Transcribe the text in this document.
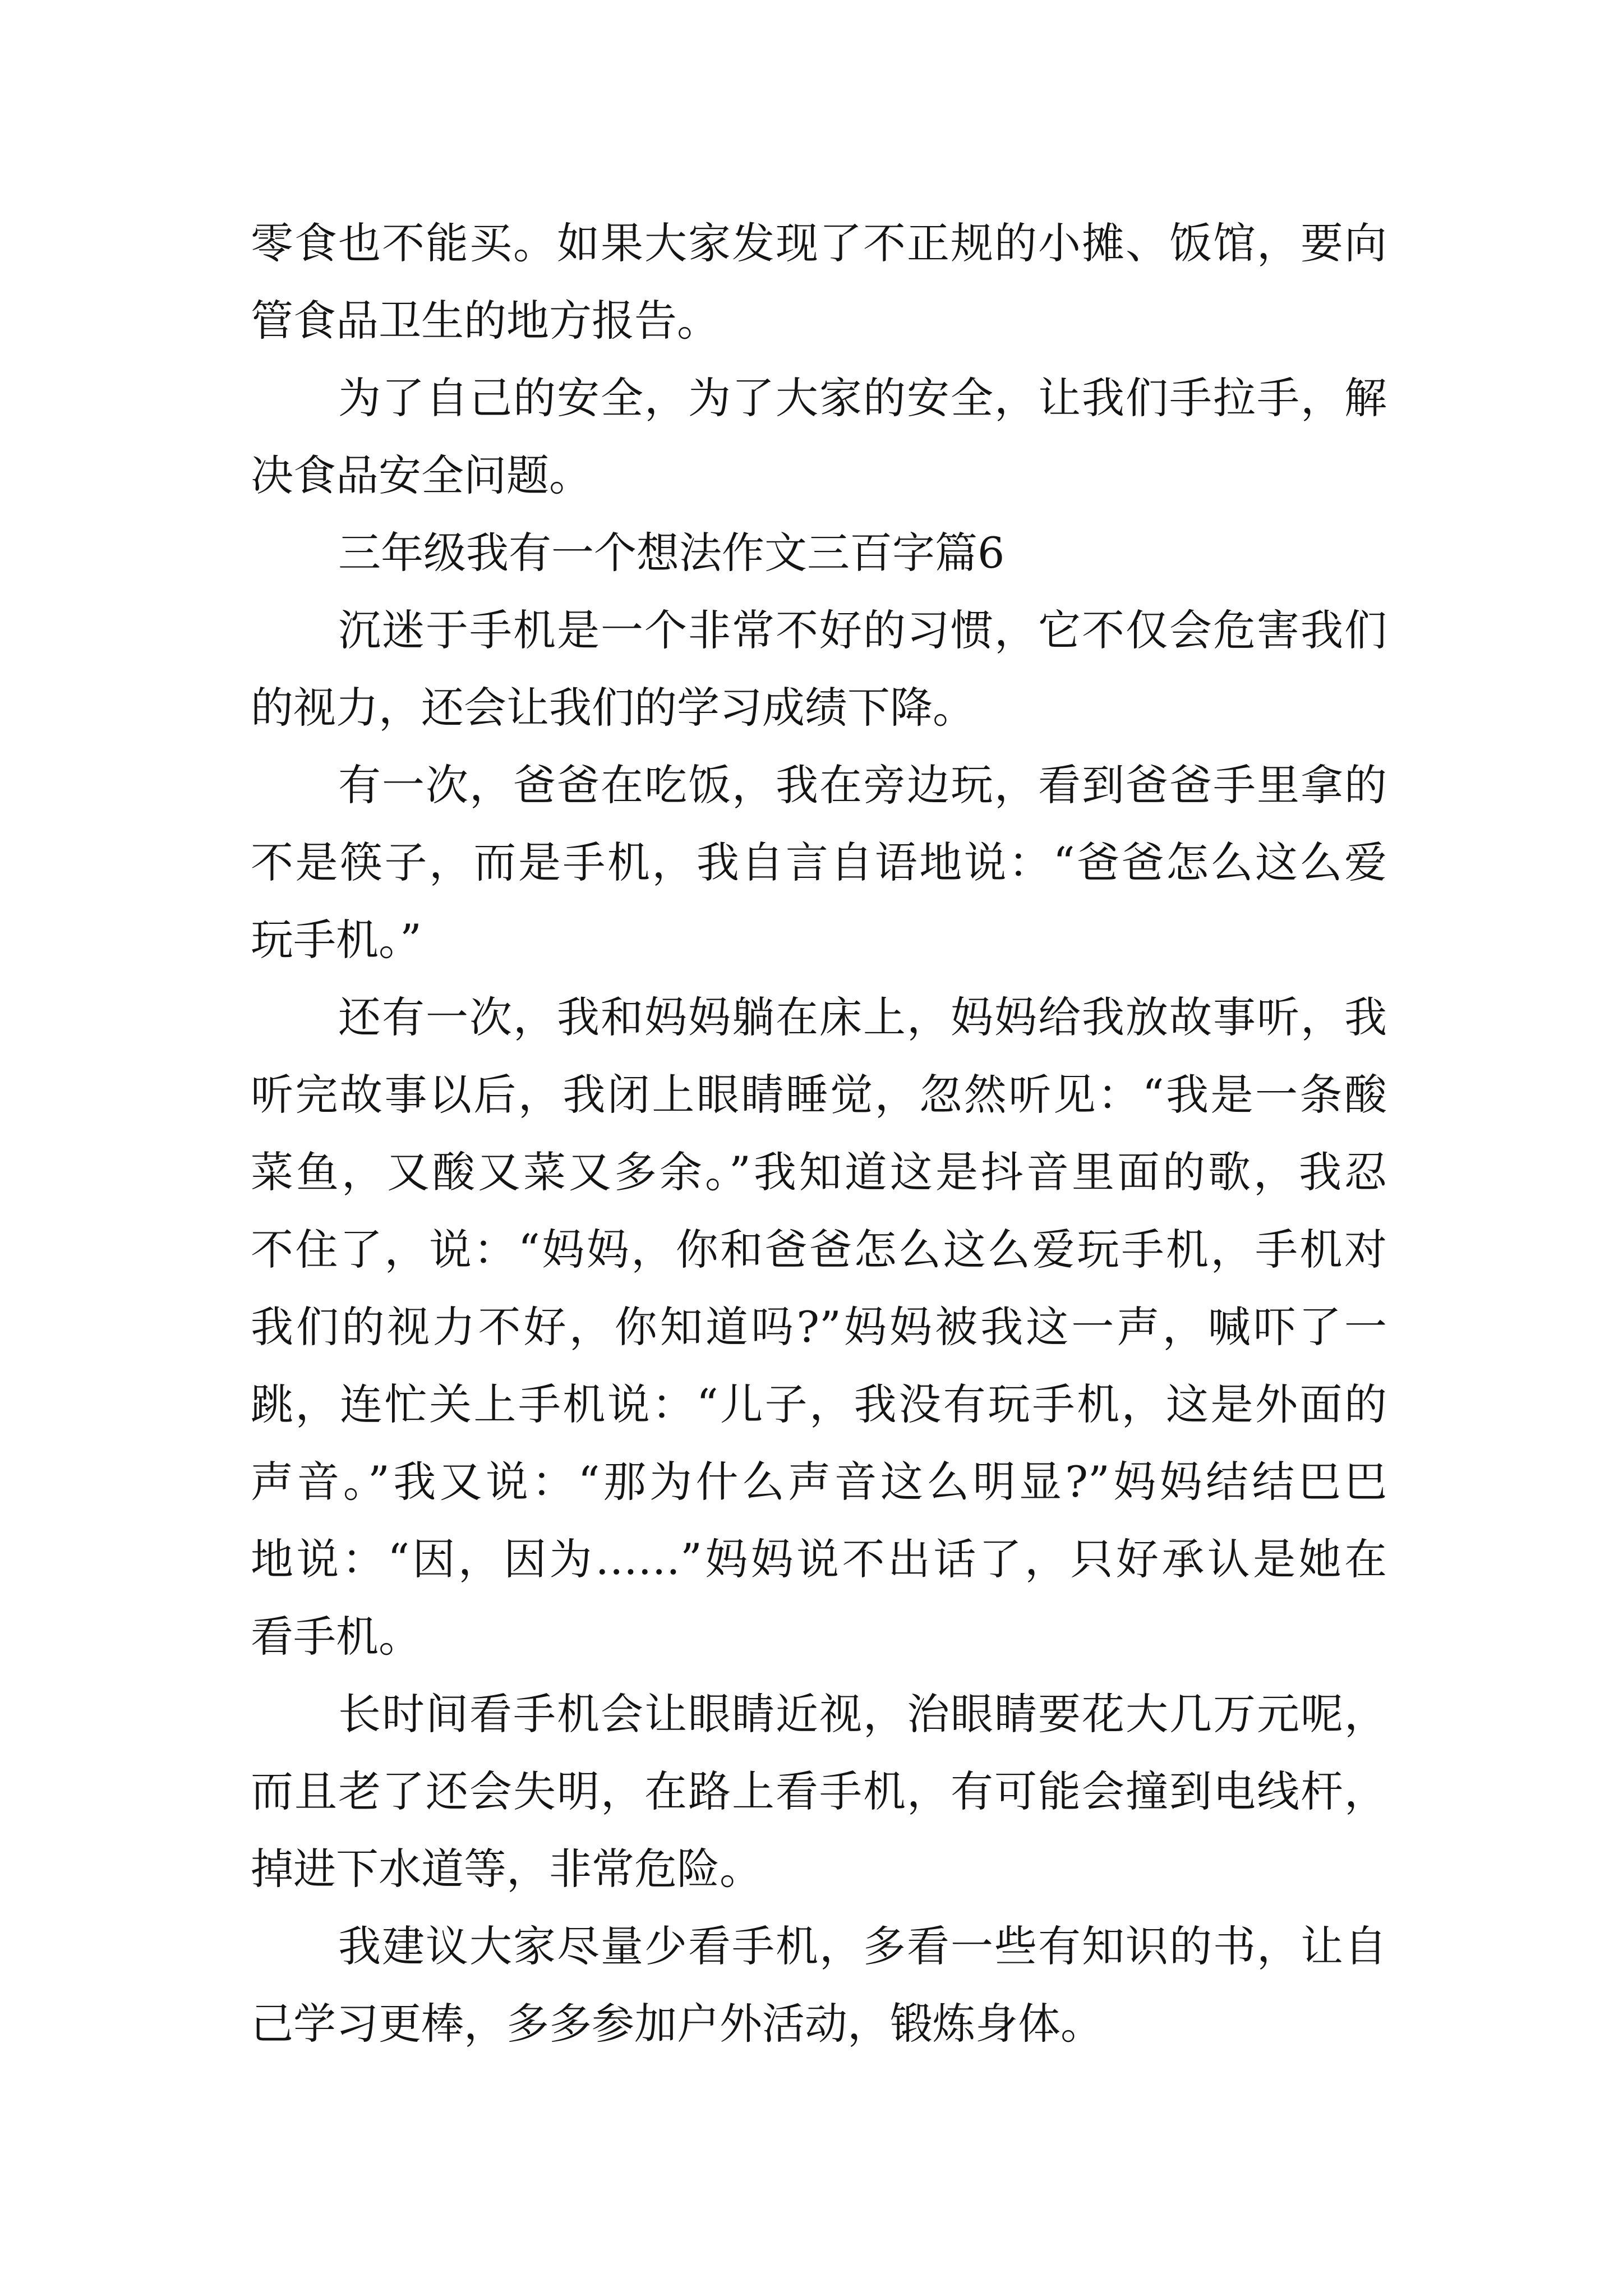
零食也不能买。如果大家发现了不正规的小摊、饭馆，要向
管食品卫生的地方报告。
为了自己的安全，为了大家的安全，让我们手拉手，解
决食品安全问题。
三年级我有一个想法作文三百字篇6
沉迷于手机是一个非常不好的习惯，它不仅会危害我们
的视力，还会让我们的学习成绩下降。
有一次，爸爸在吃饭，我在旁边玩，看到爸爸手里拿的
不是筷子，而是手机，我自言自语地说：“爸爸怎么这么爱
玩手机。”
还有一次，我和妈妈躺在床上，妈妈给我放故事听，我
听完故事以后，我闭上眼睛睡觉，忽然听见：“我是一条酸
菜鱼，又酸又菜又多余。”我知道这是抖音里面的歌，我忍
不住了，说：“妈妈，你和爸爸怎么这么爱玩手机，手机对
我们的视力不好，你知道吗?”妈妈被我这一声，喊吓了一
跳，连忙关上手机说：“儿子，我没有玩手机，这是外面的
声音。”我又说：“那为什么声音这么明显?”妈妈结结巴巴
地说：“因，因为……”妈妈说不出话了，只好承认是她在
看手机。
长时间看手机会让眼睛近视，治眼睛要花大几万元呢，
而且老了还会失明，在路上看手机，有可能会撞到电线杆，
掉进下水道等，非常危险。
我建议大家尽量少看手机，多看一些有知识的书，让自
己学习更棒，多多参加户外活动，锻炼身体。
